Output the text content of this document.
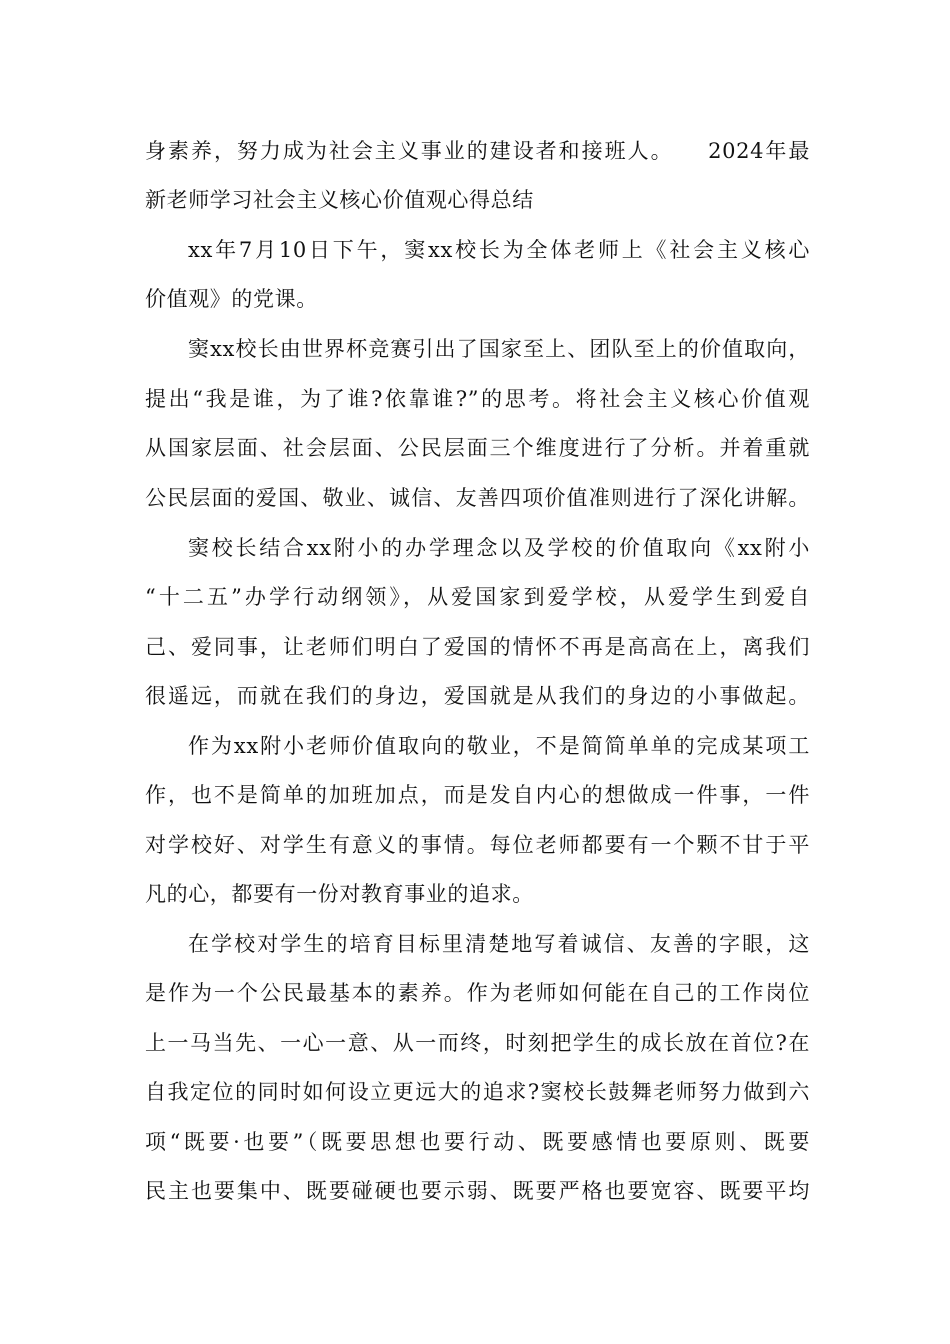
身素养，努力成为社会主义事业的建设者和接班人。    2024年最
新老师学习社会主义核心价值观心得总结
xx年7月10日下午，窦xx校长为全体老师上《社会主义核心
价值观》的党课。
窦xx校长由世界杯竞赛引出了国家至上、团队至上的价值取向，
提出“我是谁，为了谁?依靠谁?”的思考。将社会主义核心价值观
从国家层面、社会层面、公民层面三个维度进行了分析。并着重就
公民层面的爱国、敬业、诚信、友善四项价值准则进行了深化讲解。
窦校长结合xx附小的办学理念以及学校的价值取向《xx附小
“十二五”办学行动纲领》，从爱国家到爱学校，从爱学生到爱自
己、爱同事，让老师们明白了爱国的情怀不再是高高在上，离我们
很遥远，而就在我们的身边，爱国就是从我们的身边的小事做起。
作为xx附小老师价值取向的敬业，不是简简单单的完成某项工
作，也不是简单的加班加点，而是发自内心的想做成一件事，一件
对学校好、对学生有意义的事情。每位老师都要有一个颗不甘于平
凡的心，都要有一份对教育事业的追求。
在学校对学生的培育目标里清楚地写着诚信、友善的字眼，这
是作为一个公民最基本的素养。作为老师如何能在自己的工作岗位
上一马当先、一心一意、从一而终，时刻把学生的成长放在首位?在
自我定位的同时如何设立更远大的追求?窦校长鼓舞老师努力做到六
项“既要·也要”（既要思想也要行动、既要感情也要原则、既要
民主也要集中、既要碰硬也要示弱、既要严格也要宽容、既要平均
